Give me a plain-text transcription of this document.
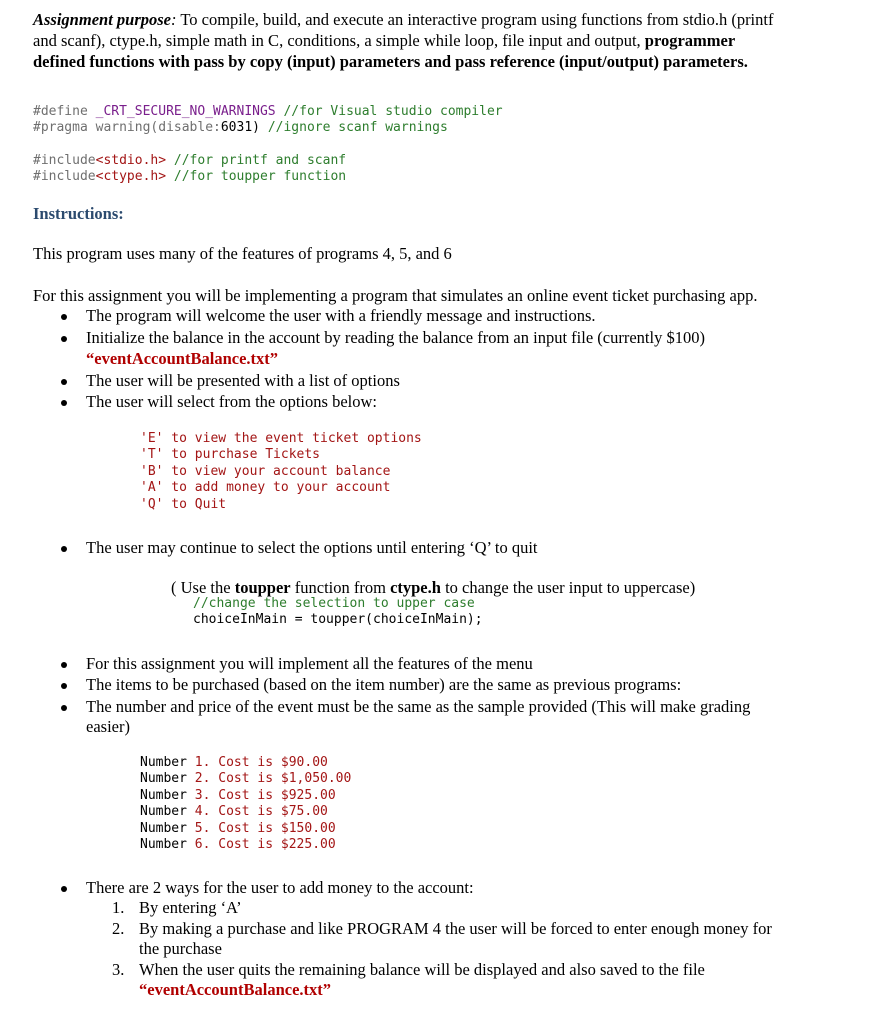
Assignment purpose: To compile, build, and execute an interactive program using functions from stdio.h (printf
and scanf), ctype.h, simple math in C, conditions, a simple while loop, file input and output, programmer
defined functions with pass by copy (input) parameters and pass reference (input/output) parameters.
#define _CRT_SECURE_NO_WARNINGS //for Visual studio compiler
#pragma warning(disable:6031) //ignore scanf warnings
#include<stdio.h> //for printf and scanf
#include<ctype.h> //for toupper function
Instructions:
This program uses many of the features of programs 4, 5, and 6
For this assignment you will be implementing a program that simulates an online event ticket purchasing app.
The program will welcome the user with a friendly message and instructions.
Initialize the balance in the account by reading the balance from an input file (currently $100)
“eventAccountBalance.txt”
The user will be presented with a list of options
The user will select from the options below:
'E' to view the event ticket options
'T' to purchase Tickets
'B' to view your account balance
'A' to add money to your account
'Q' to Quit
The user may continue to select the options until entering ‘Q’ to quit
( Use the toupper function from ctype.h to change the user input to uppercase)
//change the selection to upper case
choiceInMain = toupper(choiceInMain);
For this assignment you will implement all the features of the menu
The items to be purchased (based on the item number) are the same as previous programs:
The number and price of the event must be the same as the sample provided (This will make grading
easier)
Number 1. Cost is $90.00
Number 2. Cost is $1,050.00
Number 3. Cost is $925.00
Number 4. Cost is $75.00
Number 5. Cost is $150.00
Number 6. Cost is $225.00
There are 2 ways for the user to add money to the account:
1. By entering ‘A’
2. By making a purchase and like PROGRAM 4 the user will be forced to enter enough money for
the purchase
3. When the user quits the remaining balance will be displayed and also saved to the file
“eventAccountBalance.txt”
